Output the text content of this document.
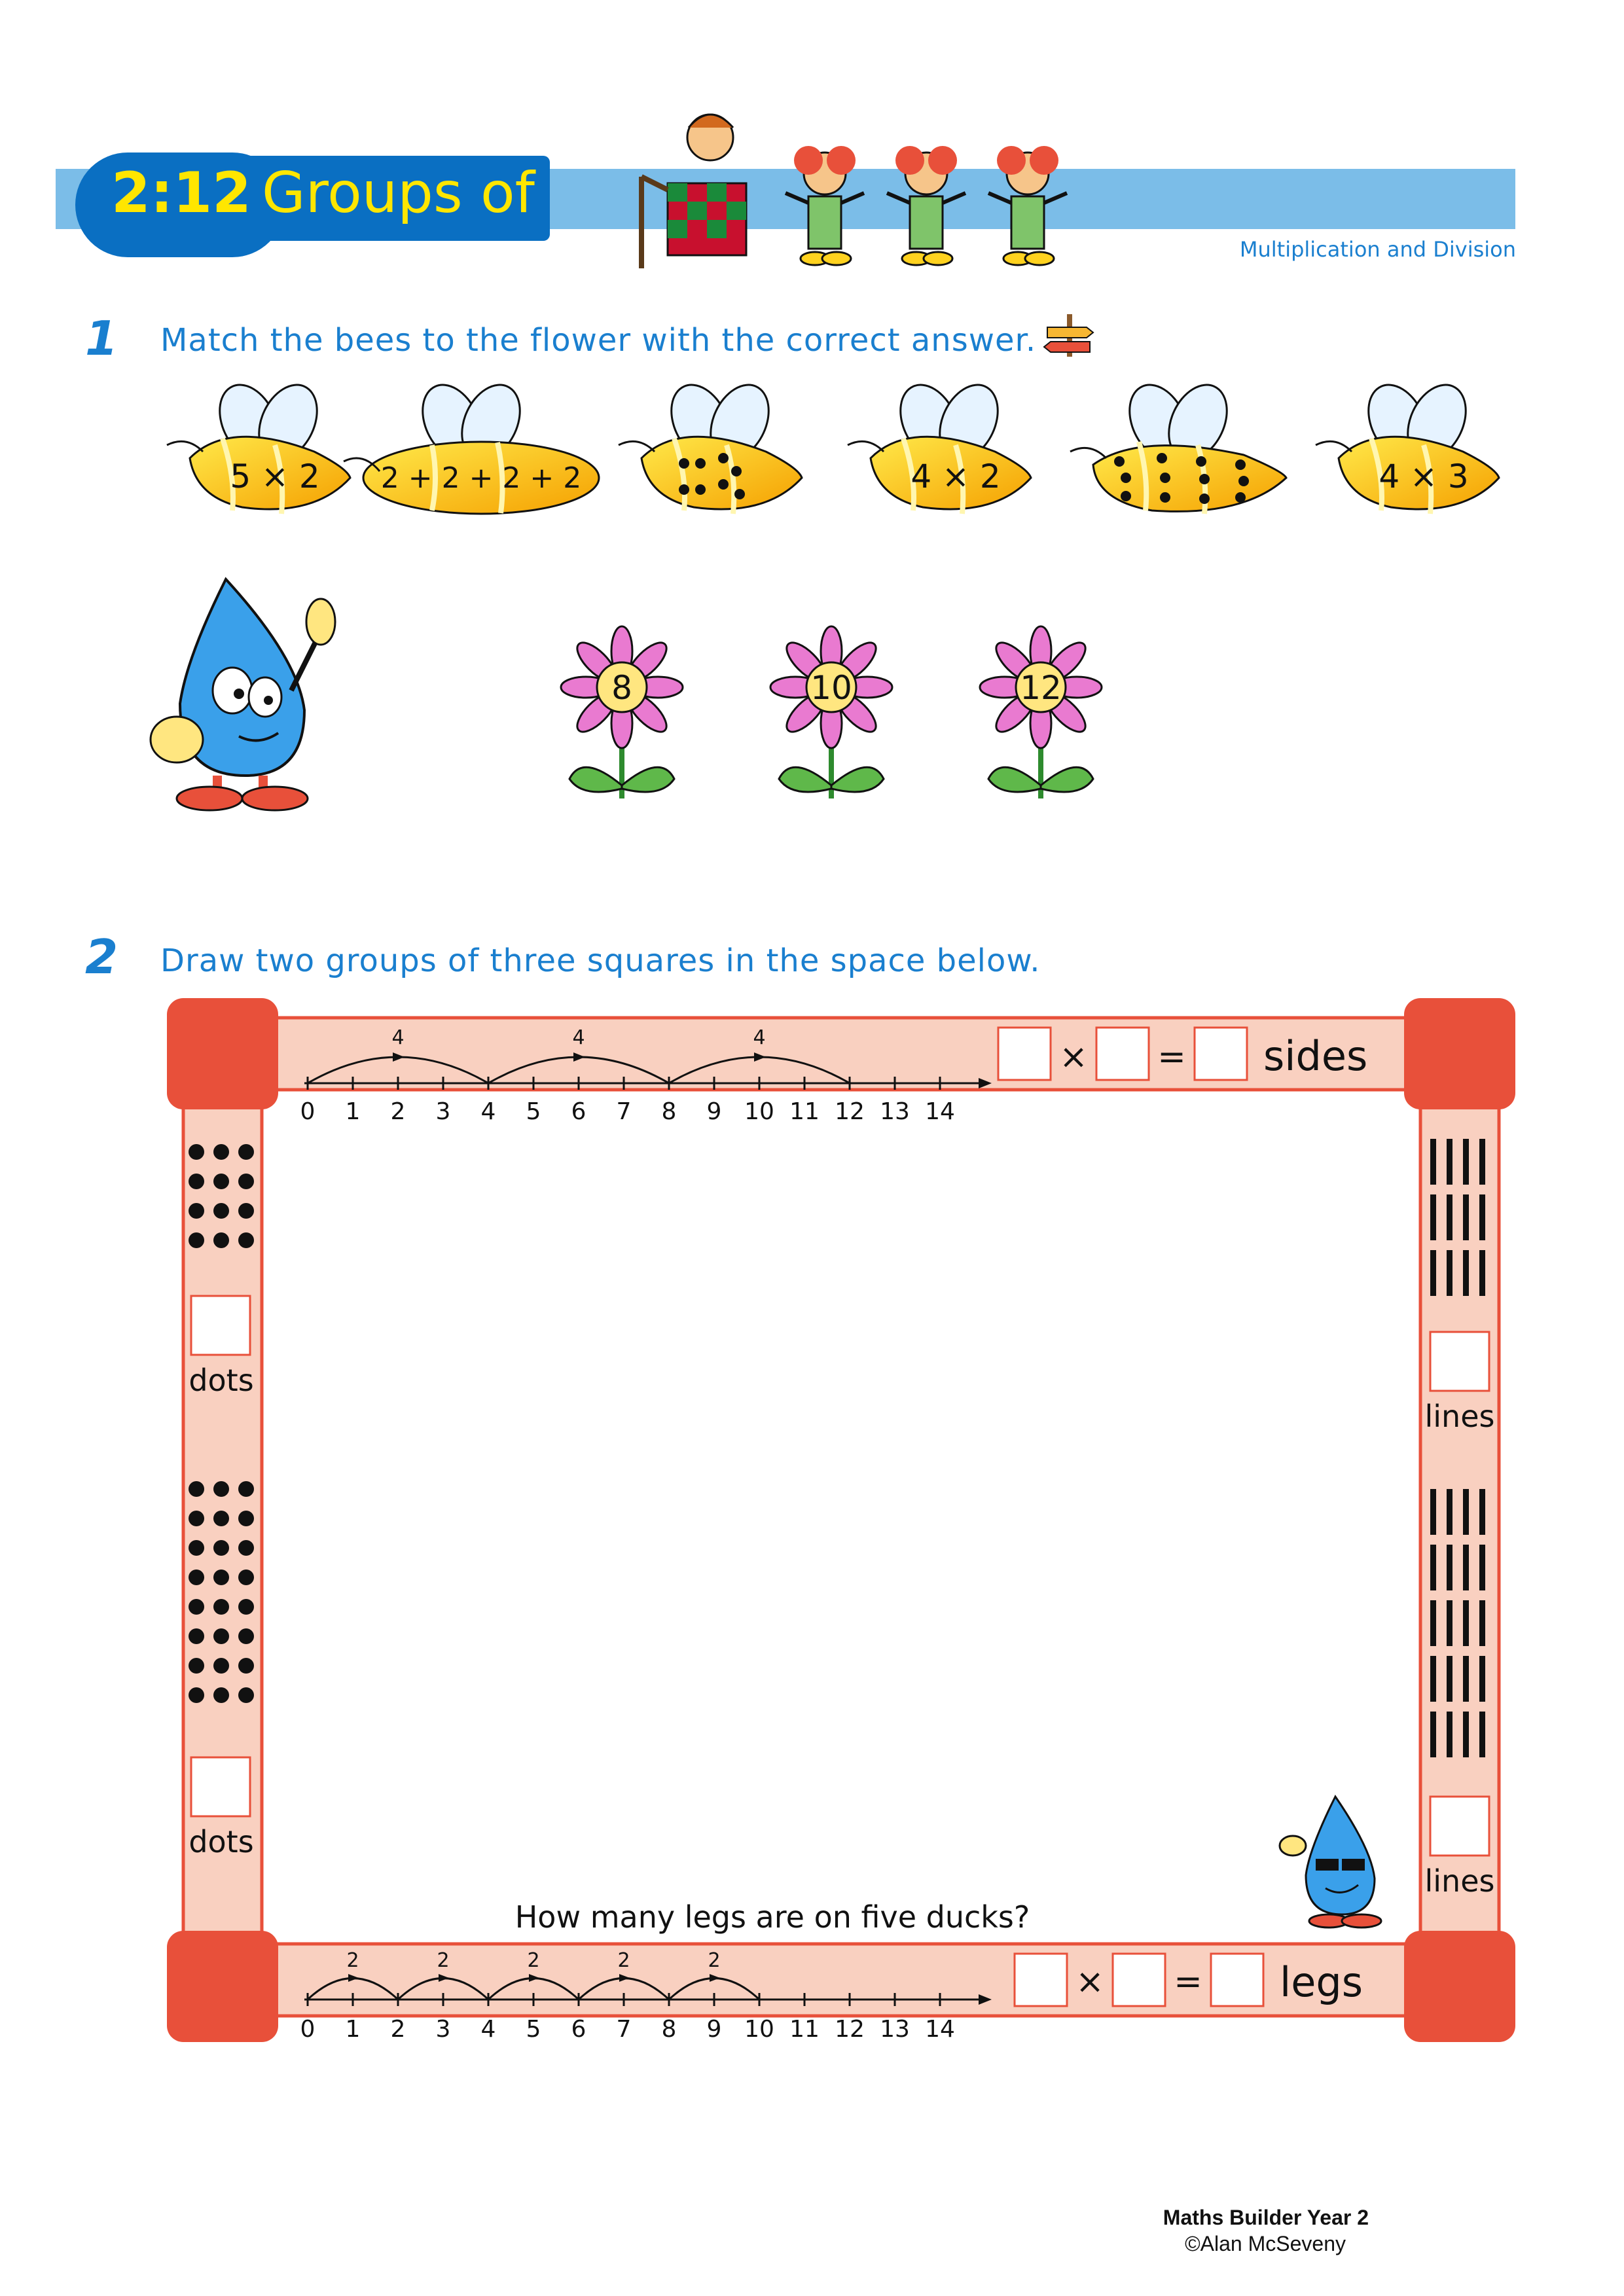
2:12 Groups of
Multiplication and Division
1 Match the bees to the flower with the correct answer.
5 × 2 2 + 2 + 2 + 2	4 × 2	4 × 3
8	10	12
2 Draw two groups of three squares in the space below.
4	4	4
0 1 2 3 4 5 6 7 8 9 10 11 12 13 14
× = sides
dots
dots
lines
lines
How many legs are on five ducks?
2	2	2	2	2
0 1 2 3 4 5 6 7 8 9 10 11 12 13 14
× = legs
Maths Builder Year 2
©Alan McSeveny
